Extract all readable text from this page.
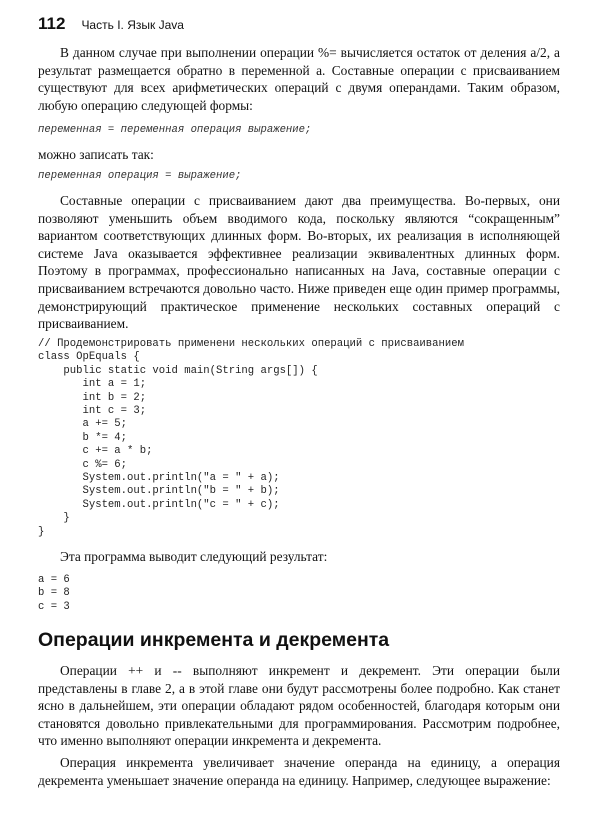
112 Часть I. Язык Java

В данном случае при выполнении операции %= вычисляется остаток от деления a/2, а результат размещается обратно в переменной a. Составные операции с присваиванием существуют для всех арифметических операций с двумя операндами. Таким образом, любую операцию следующей формы:

переменная = переменная операция выражение;

можно записать так:

переменная операция = выражение;

Составные операции с присваиванием дают два преимущества. Во-первых, они позволяют уменьшить объем вводимого кода, поскольку являются “сокращенным” вариантом соответствующих длинных форм. Во-вторых, их реализация в исполняющей системе Java оказывается эффективнее реализации эквивалентных длинных форм. Поэтому в программах, профессионально написанных на Java, составные операции с присваиванием встречаются довольно часто. Ниже приведен еще один пример программы, демонстрирующий практическое применение нескольких составных операций с присваиванием.

// Продемонстрировать применени нескольких операций с присваиванием
class OpEquals {
public static void main(String args[]) {
int a = 1;
int b = 2;
int c = 3;
a += 5;
b *= 4;
c += a * b;
c %= 6;
System.out.println("a = " + a);
System.out.println("b = " + b);
System.out.println("c = " + c);
}
}

Эта программа выводит следующий результат:

a = 6
b = 8
c = 3
Операции инкремента и декремента

Операции ++ и -- выполняют инкремент и декремент. Эти операции были представлены в главе 2, а в этой главе они будут рассмотрены более подробно. Как станет ясно в дальнейшем, эти операции обладают рядом особенностей, благодаря которым они становятся довольно привлекательными для программирования. Рассмотрим подробнее, что именно выполняют операции инкремента и декремента.

Операция инкремента увеличивает значение операнда на единицу, а операция декремента уменьшает значение операнда на единицу. Например, следующее выражение:
